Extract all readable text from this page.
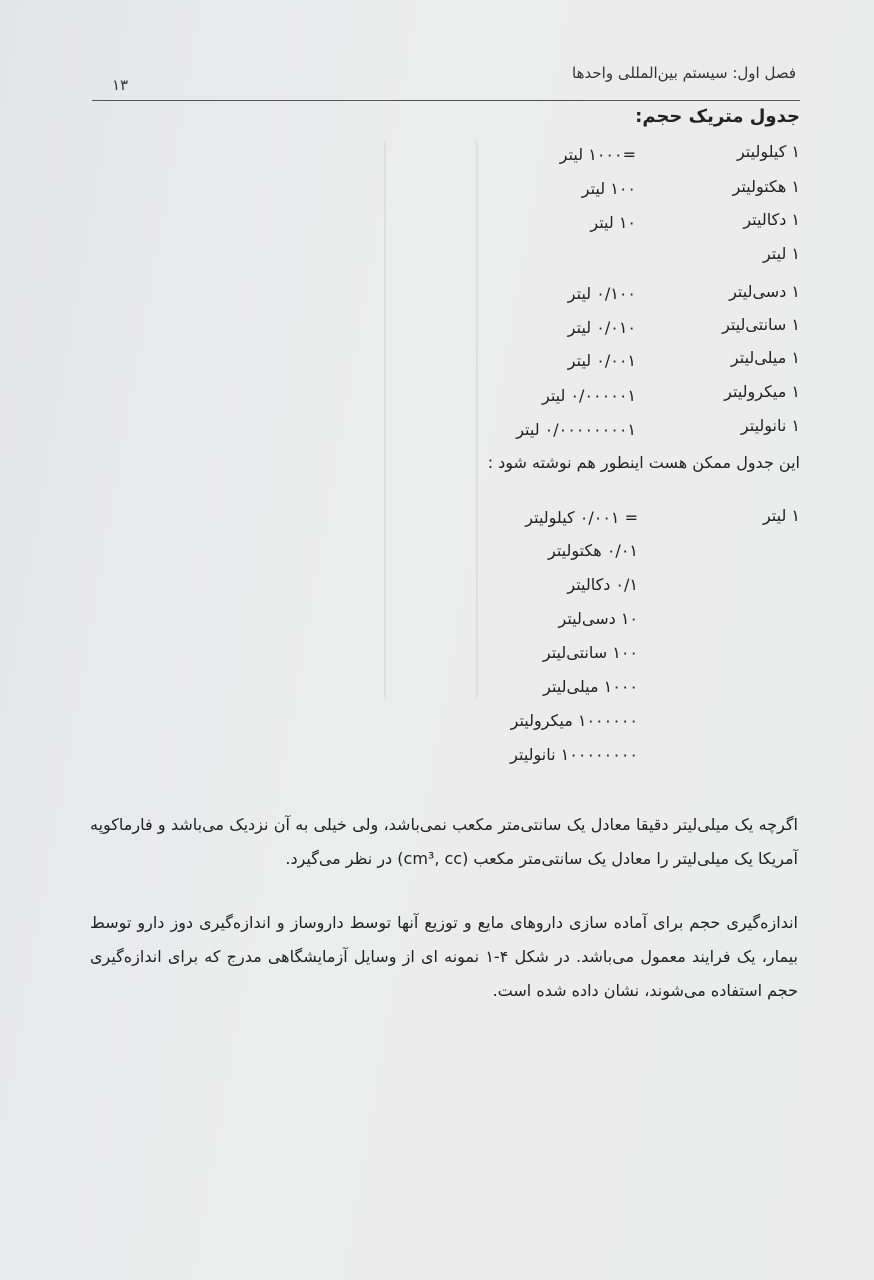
فصل اول: سیستم بین‌المللی واحدها
۱۳
جدول متریک حجم:
۱ کیلولیتر
=۱۰۰۰ لیتر
۱ هکتولیتر
۱۰۰ لیتر
۱ دکالیتر
۱۰ لیتر
۱ لیتر
۱ دسی‌لیتر
۰/۱۰۰ لیتر
۱ سانتی‌لیتر
۰/۰۱۰ لیتر
۱ میلی‌لیتر
۰/۰۰۱ لیتر
۱ میکرولیتر
۰/۰۰۰۰۰۱ لیتر
۱ نانولیتر
۰/۰۰۰۰۰۰۰۰۱ لیتر
این جدول ممکن هست اینطور هم نوشته شود :
۱ لیتر
= ۰/۰۰۱ کیلولیتر
۰/۰۱ هکتولیتر
۰/۱ دکالیتر
۱۰ دسی‌لیتر
۱۰۰ سانتی‌لیتر
۱۰۰۰ میلی‌لیتر
۱۰۰۰۰۰۰ میکرولیتر
۱۰۰۰۰۰۰۰۰ نانولیتر

اگرچه یک میلی‌لیتر دقیقا معادل یک سانتی‌متر مکعب نمی‌باشد، ولی خیلی به آن نزدیک می‌باشد و فارماکوپه آمریکا یک میلی‌لیتر را معادل یک سانتی‌متر مکعب (cm³, cc) در نظر می‌گیرد.

اندازه‌گیری حجم برای آماده سازی داروهای مایع و توزیع آنها توسط داروساز و اندازه‌گیری دوز دارو توسط بیمار، یک فرایند معمول می‌باشد. در شکل ۴-۱ نمونه ای از وسایل آزمایشگاهی مدرج که برای اندازه‌گیری حجم استفاده می‌شوند، نشان داده شده است.
